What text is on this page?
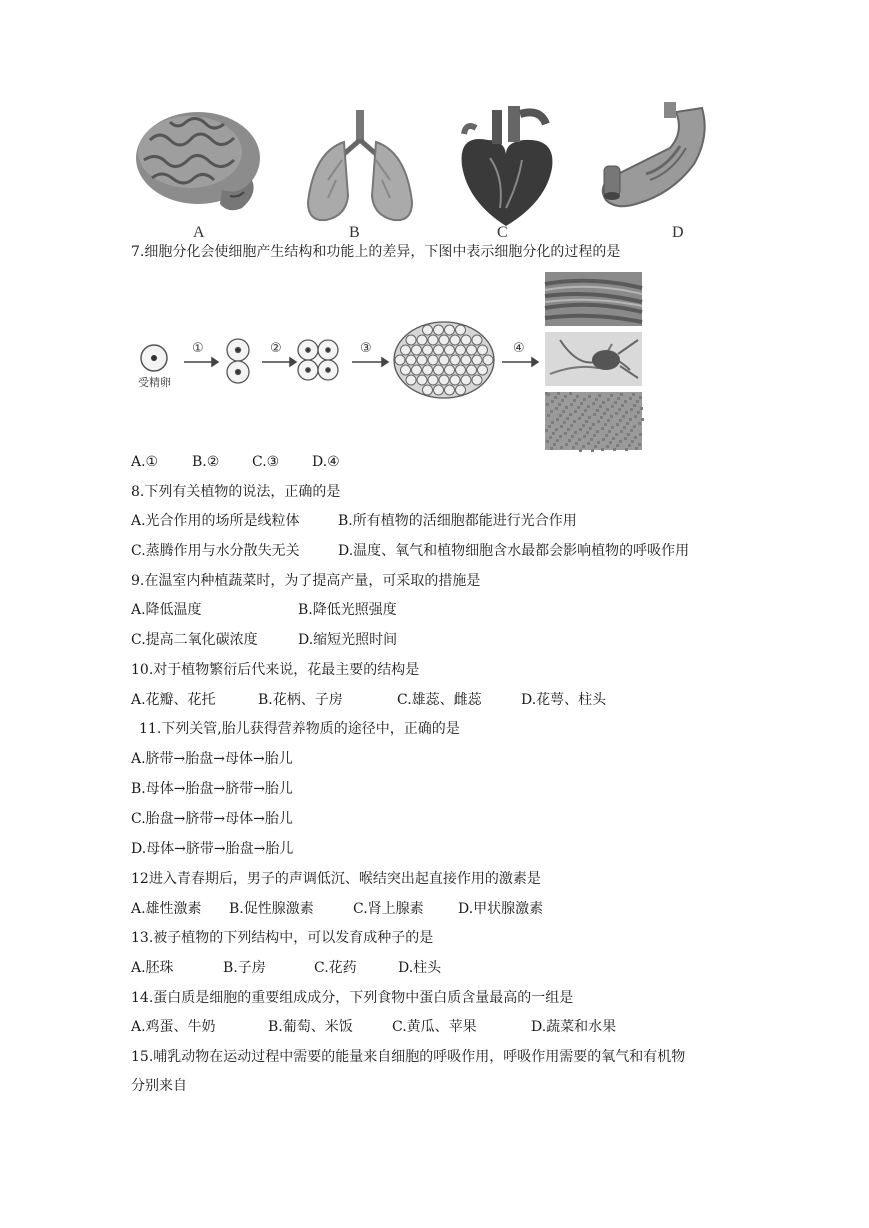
A	B	C	D
7.细胞分化会使细胞产生结构和功能上的差异，下图中表示细胞分化的过程的是
①	②	③	④
受精卵
A.① B.② C.③ D.④
8.下列有关植物的说法，正确的是
A.光合作用的场所是线粒体	B.所有植物的活细胞都能进行光合作用
C.蒸腾作用与水分散失无关	D.温度、氧气和植物细胞含水最都会影响植物的呼吸作用
9.在温室内种植蔬菜时，为了提高产量，可采取的措施是
A.降低温度	B.降低光照强度
C.提高二氧化碳浓度	D.缩短光照时间
10.对于植物繁衍后代来说，花最主要的结构是
A.花瓣、花托	B.花柄、子房	C.雄蕊、雌蕊	D.花萼、柱头
11.下列关管,胎儿获得营养物质的途径中，正确的是
A.脐带→胎盘→母体→胎儿
B.母体→胎盘→脐带→胎儿
C.胎盘→脐带→母体→胎儿
D.母体→脐带→胎盘→胎儿
12进入青春期后，男子的声调低沉、喉结突出起直接作用的激素是
A.雄性激素 B.促性腺激素	C.肾上腺素 D.甲状腺激素
13.被子植物的下列结构中，可以发育成种子的是
A.胚珠	B.子房	C.花药	D.柱头
14.蛋白质是细胞的重要组成成分，下列食物中蛋白质含量最高的一组是
A.鸡蛋、牛奶	B.葡萄、米饭	C.黄瓜、苹果	D.蔬菜和水果
15.哺乳动物在运动过程中需要的能量来自细胞的呼吸作用，呼吸作用需要的氧气和有机物
分别来自
